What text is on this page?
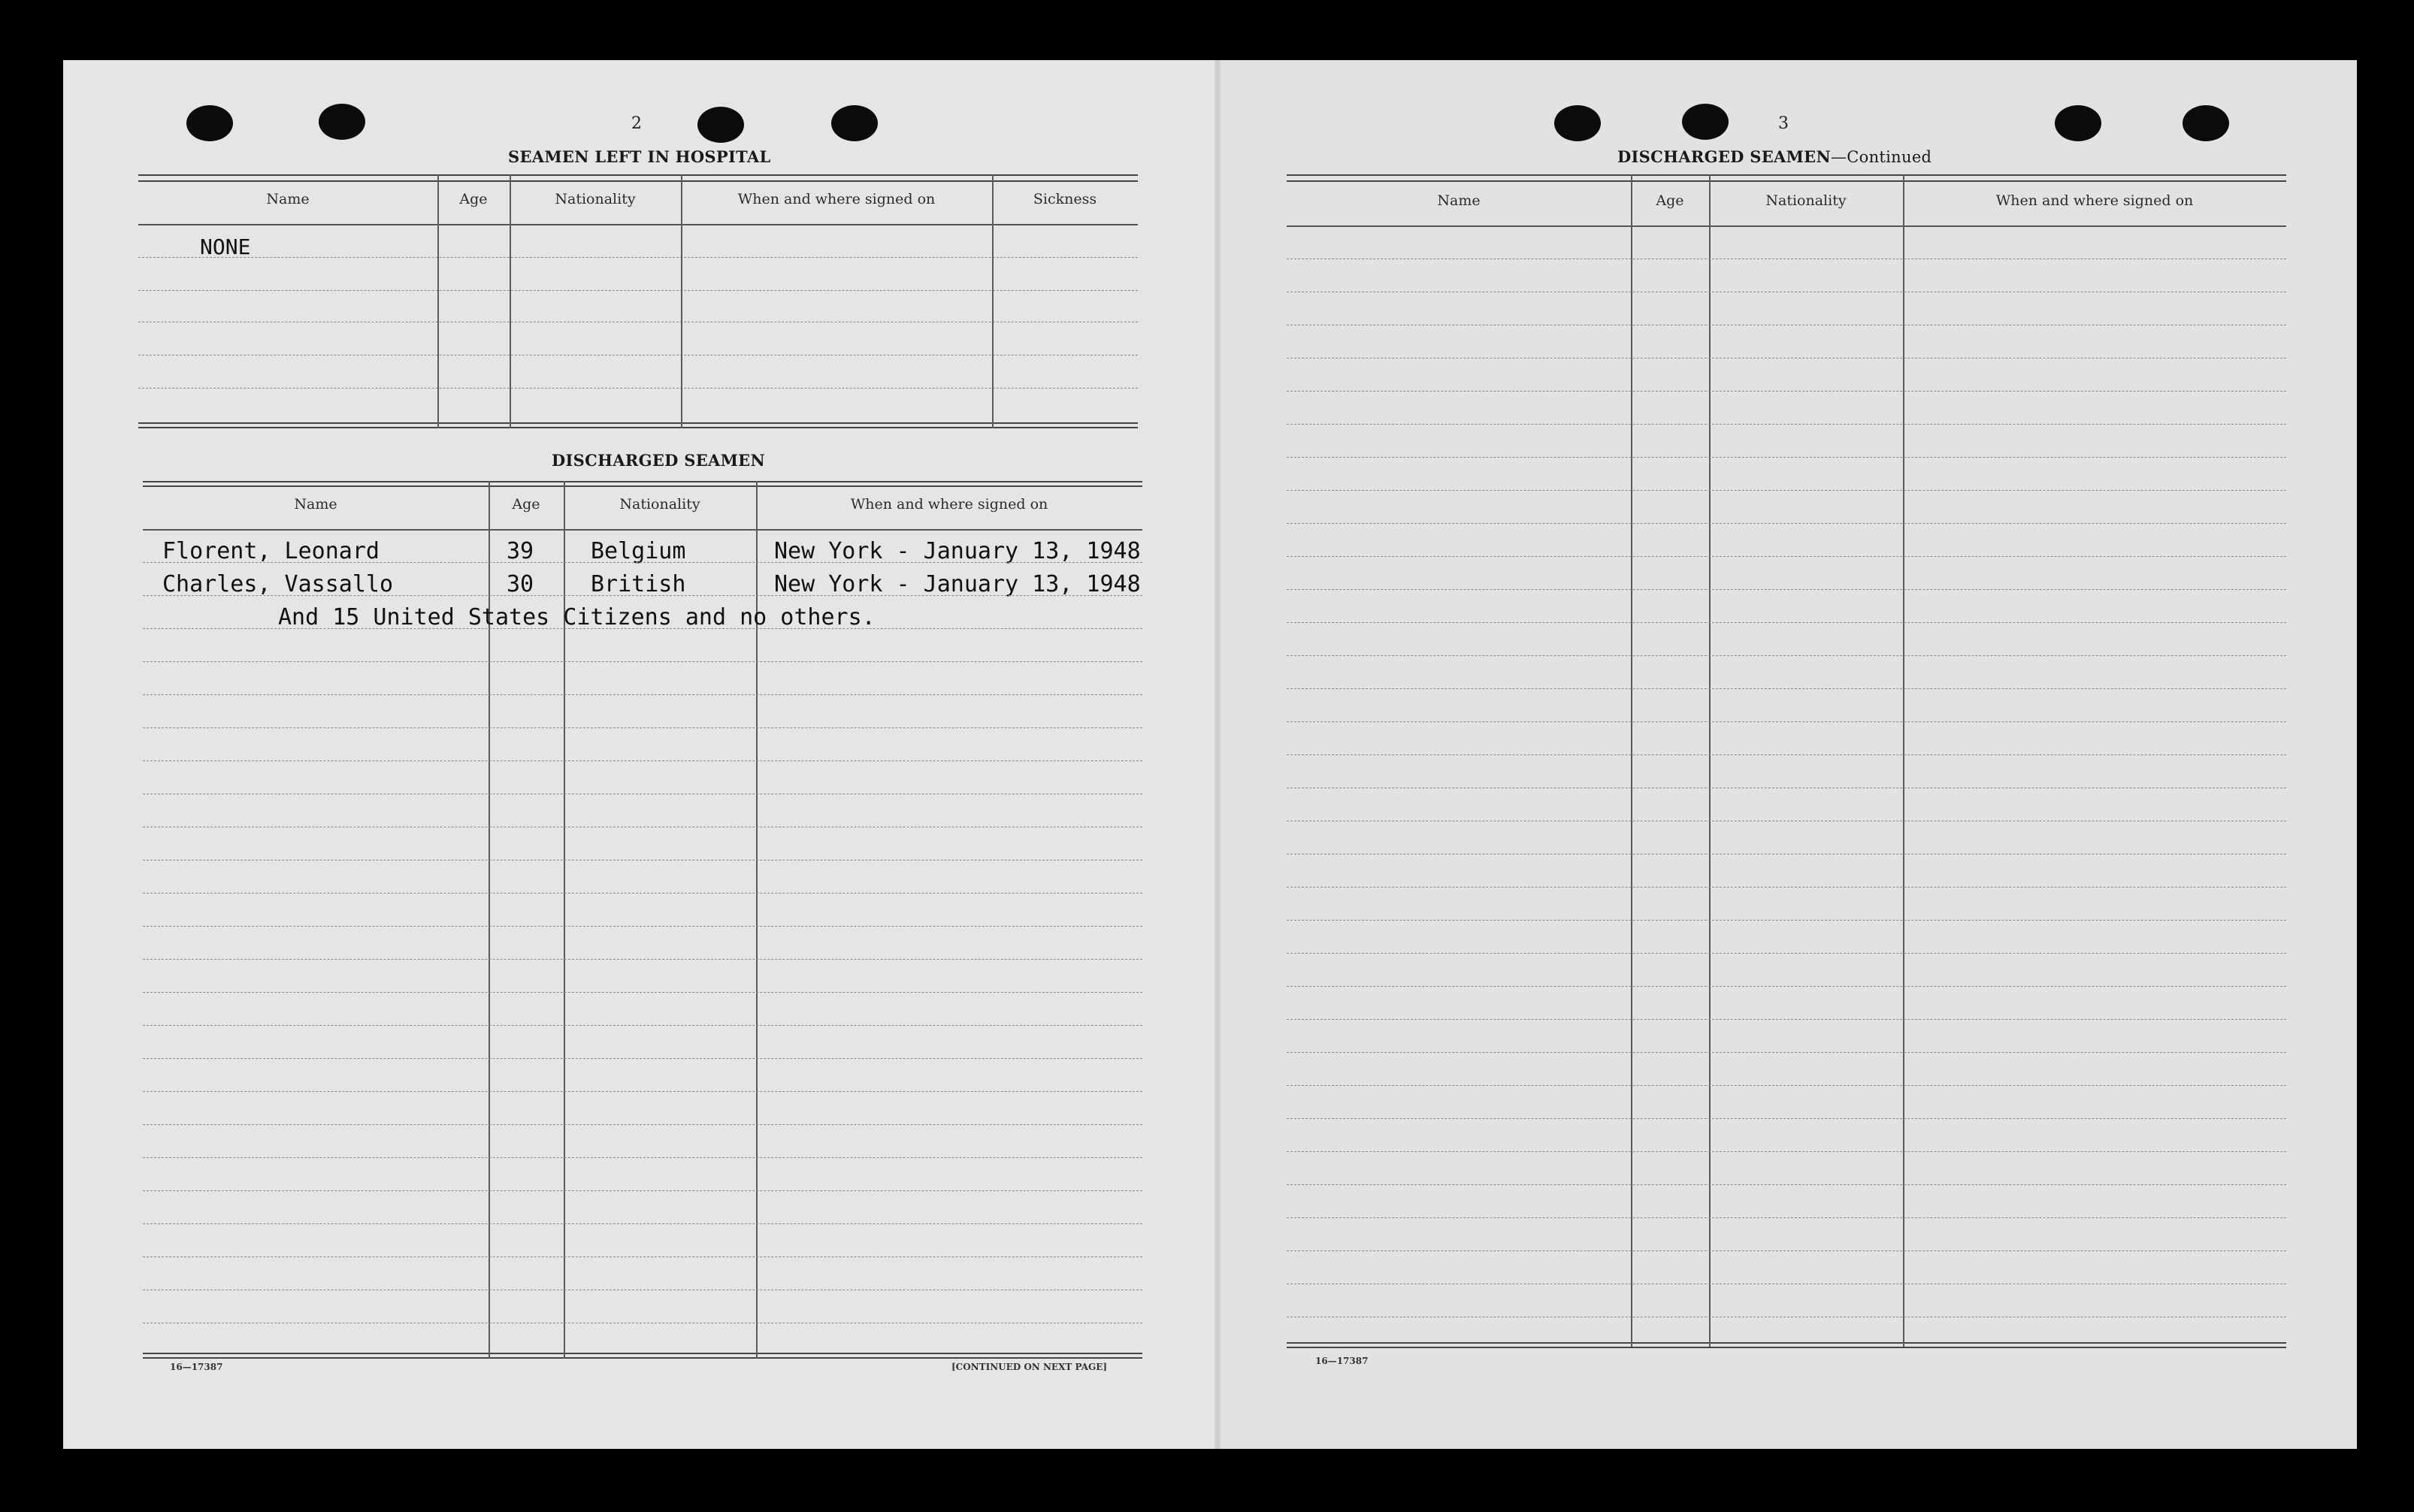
2
SEAMEN LEFT IN HOSPITAL
Name	Age	Nationality	When and where signed on	Sickness
NONE
DISCHARGED SEAMEN
Name	Age	Nationality	When and where signed on
Florent, Leonard	39	Belgium	New York - January 13, 1948
Charles, Vassallo	30	British	New York - January 13, 1948
And 15 United States Citizens and no others.
16—17387	[CONTINUED ON NEXT PAGE]
3
DISCHARGED SEAMEN—Continued
Name	Age	Nationality	When and where signed on
16—17387
